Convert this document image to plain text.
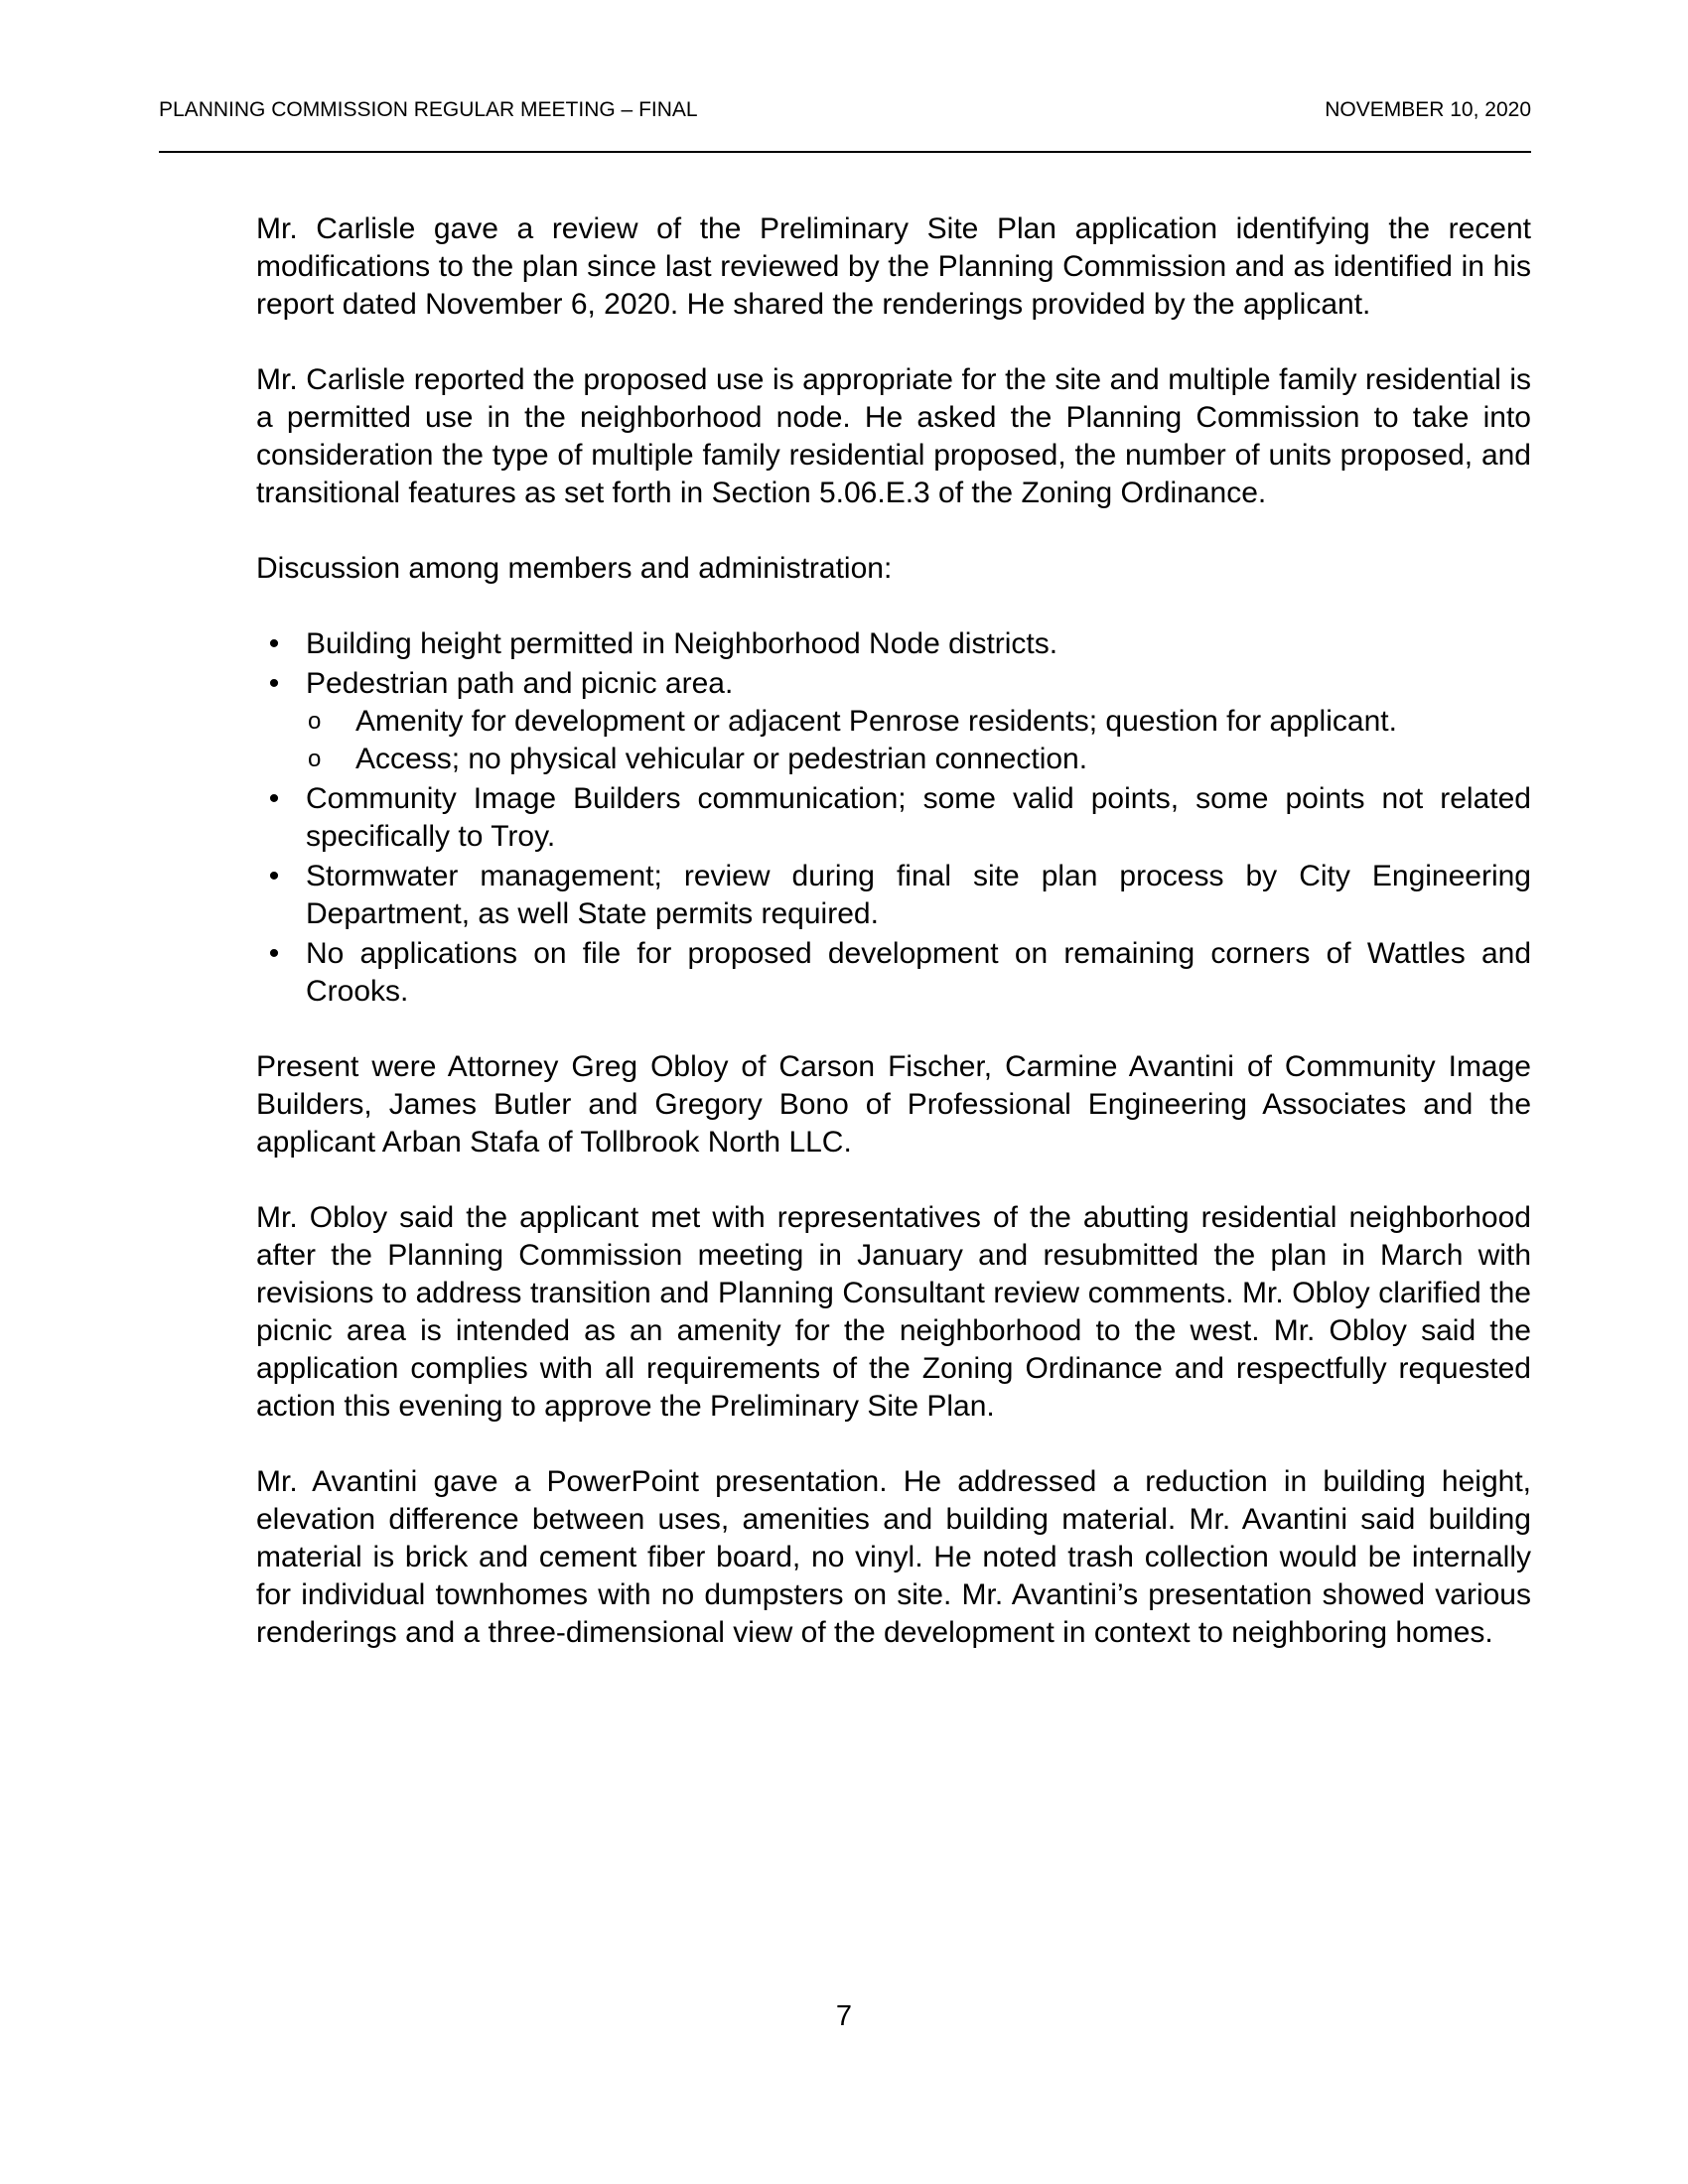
PLANNING COMMISSION REGULAR MEETING – FINAL	NOVEMBER 10, 2020

Mr. Carlisle gave a review of the Preliminary Site Plan application identifying the recent modifications to the plan since last reviewed by the Planning Commission and as identified in his report dated November 6, 2020. He shared the renderings provided by the applicant.

Mr. Carlisle reported the proposed use is appropriate for the site and multiple family residential is a permitted use in the neighborhood node. He asked the Planning Commission to take into consideration the type of multiple family residential proposed, the number of units proposed, and transitional features as set forth in Section 5.06.E.3 of the Zoning Ordinance.

Discussion among members and administration:

• Building height permitted in Neighborhood Node districts.
• Pedestrian path and picnic area.
o Amenity for development or adjacent Penrose residents; question for applicant.
o Access; no physical vehicular or pedestrian connection.
• Community Image Builders communication; some valid points, some points not related specifically to Troy.
• Stormwater management; review during final site plan process by City Engineering Department, as well State permits required.
• No applications on file for proposed development on remaining corners of Wattles and Crooks.

Present were Attorney Greg Obloy of Carson Fischer, Carmine Avantini of Community Image Builders, James Butler and Gregory Bono of Professional Engineering Associates and the applicant Arban Stafa of Tollbrook North LLC.

Mr. Obloy said the applicant met with representatives of the abutting residential neighborhood after the Planning Commission meeting in January and resubmitted the plan in March with revisions to address transition and Planning Consultant review comments. Mr. Obloy clarified the picnic area is intended as an amenity for the neighborhood to the west. Mr. Obloy said the application complies with all requirements of the Zoning Ordinance and respectfully requested action this evening to approve the Preliminary Site Plan.

Mr. Avantini gave a PowerPoint presentation. He addressed a reduction in building height, elevation difference between uses, amenities and building material. Mr. Avantini said building material is brick and cement fiber board, no vinyl. He noted trash collection would be internally for individual townhomes with no dumpsters on site. Mr. Avantini’s presentation showed various renderings and a three-dimensional view of the development in context to neighboring homes.

7
